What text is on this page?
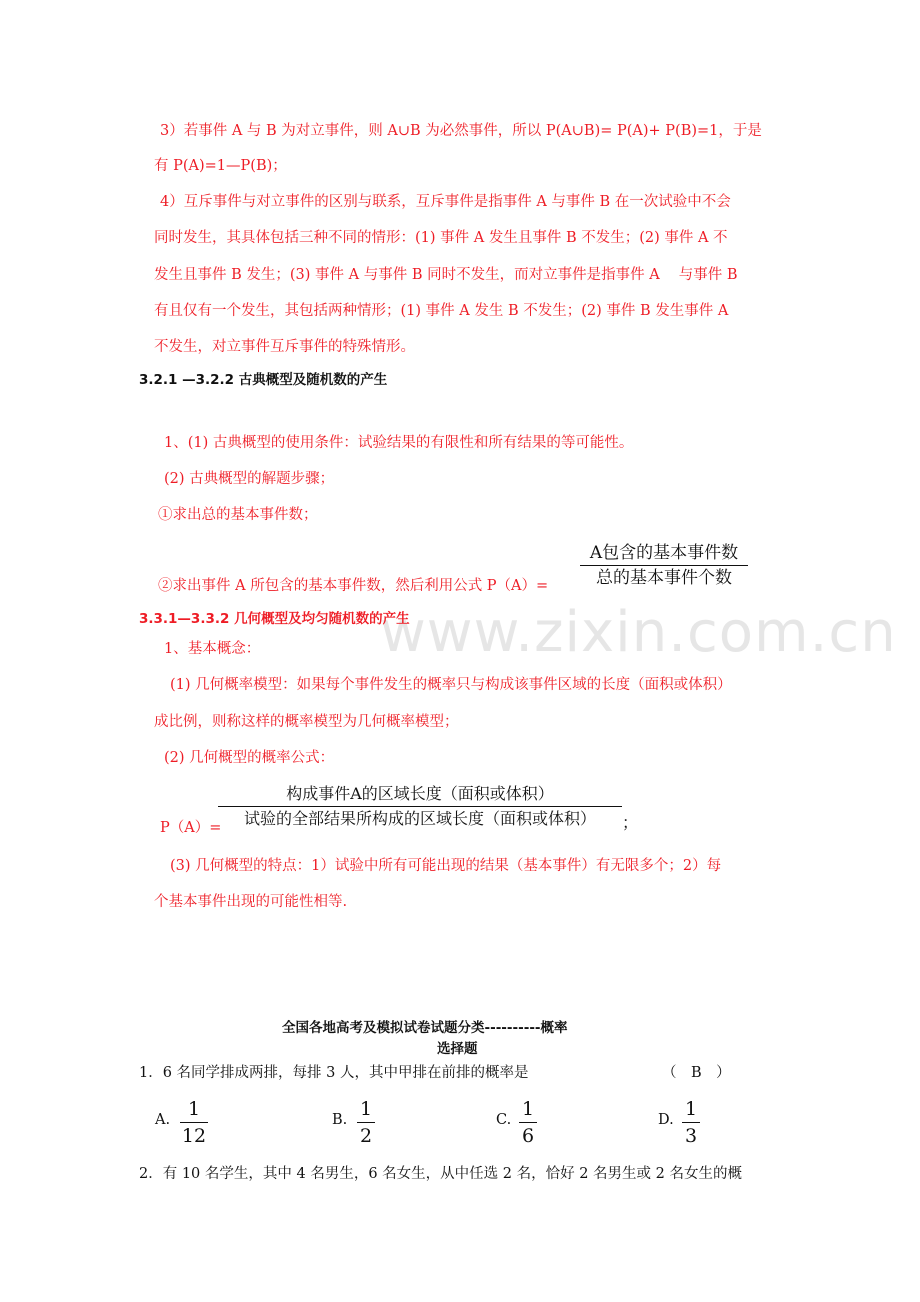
www.zixin.com.cn
3）若事件 A 与 B 为对立事件，则 A∪B 为必然事件，所以 P(A∪B)= P(A)+ P(B)=1，于是
有 P(A)=1—P(B)；
4）互斥事件与对立事件的区别与联系，互斥事件是指事件 A 与事件 B 在一次试验中不会
同时发生，其具体包括三种不同的情形：(1) 事件 A 发生且事件 B 不发生；(2) 事件 A 不
发生且事件 B 发生；(3) 事件 A 与事件 B 同时不发生，而对立事件是指事件 A　 与事件 B
有且仅有一个发生，其包括两种情形；(1) 事件 A 发生 B 不发生；(2) 事件 B 发生事件 A
不发生，对立事件互斥事件的特殊情形。
3.2.1 —3.2.2 古典概型及随机数的产生
1、(1) 古典概型的使用条件：试验结果的有限性和所有结果的等可能性。
(2) 古典概型的解题步骤；
①求出总的基本事件数；
②求出事件 A 所包含的基本事件数，然后利用公式 P（A）=
A包含的基本事件数
总的基本事件个数
3.3.1—3.3.2 几何概型及均匀随机数的产生
1、基本概念：
(1) 几何概率模型：如果每个事件发生的概率只与构成该事件区域的长度（面积或体积）
成比例，则称这样的概率模型为几何概率模型；
(2) 几何概型的概率公式：
P（A）=
构成事件A的区域长度（面积或体积）
试验的全部结果所构成的区域长度（面积或体积）	；
(3) 几何概型的特点：1）试验中所有可能出现的结果（基本事件）有无限多个；2）每
个基本事件出现的可能性相等.
全国各地高考及模拟试卷试题分类----------概率
选择题
1．6 名同学排成两排，每排 3 人，其中甲排在前排的概率是	（　B　）
A. 1
12
B. 1
2
C. 1
6
D. 1
3
2．有 10 名学生，其中 4 名男生，6 名女生，从中任选 2 名，恰好 2 名男生或 2 名女生的概
